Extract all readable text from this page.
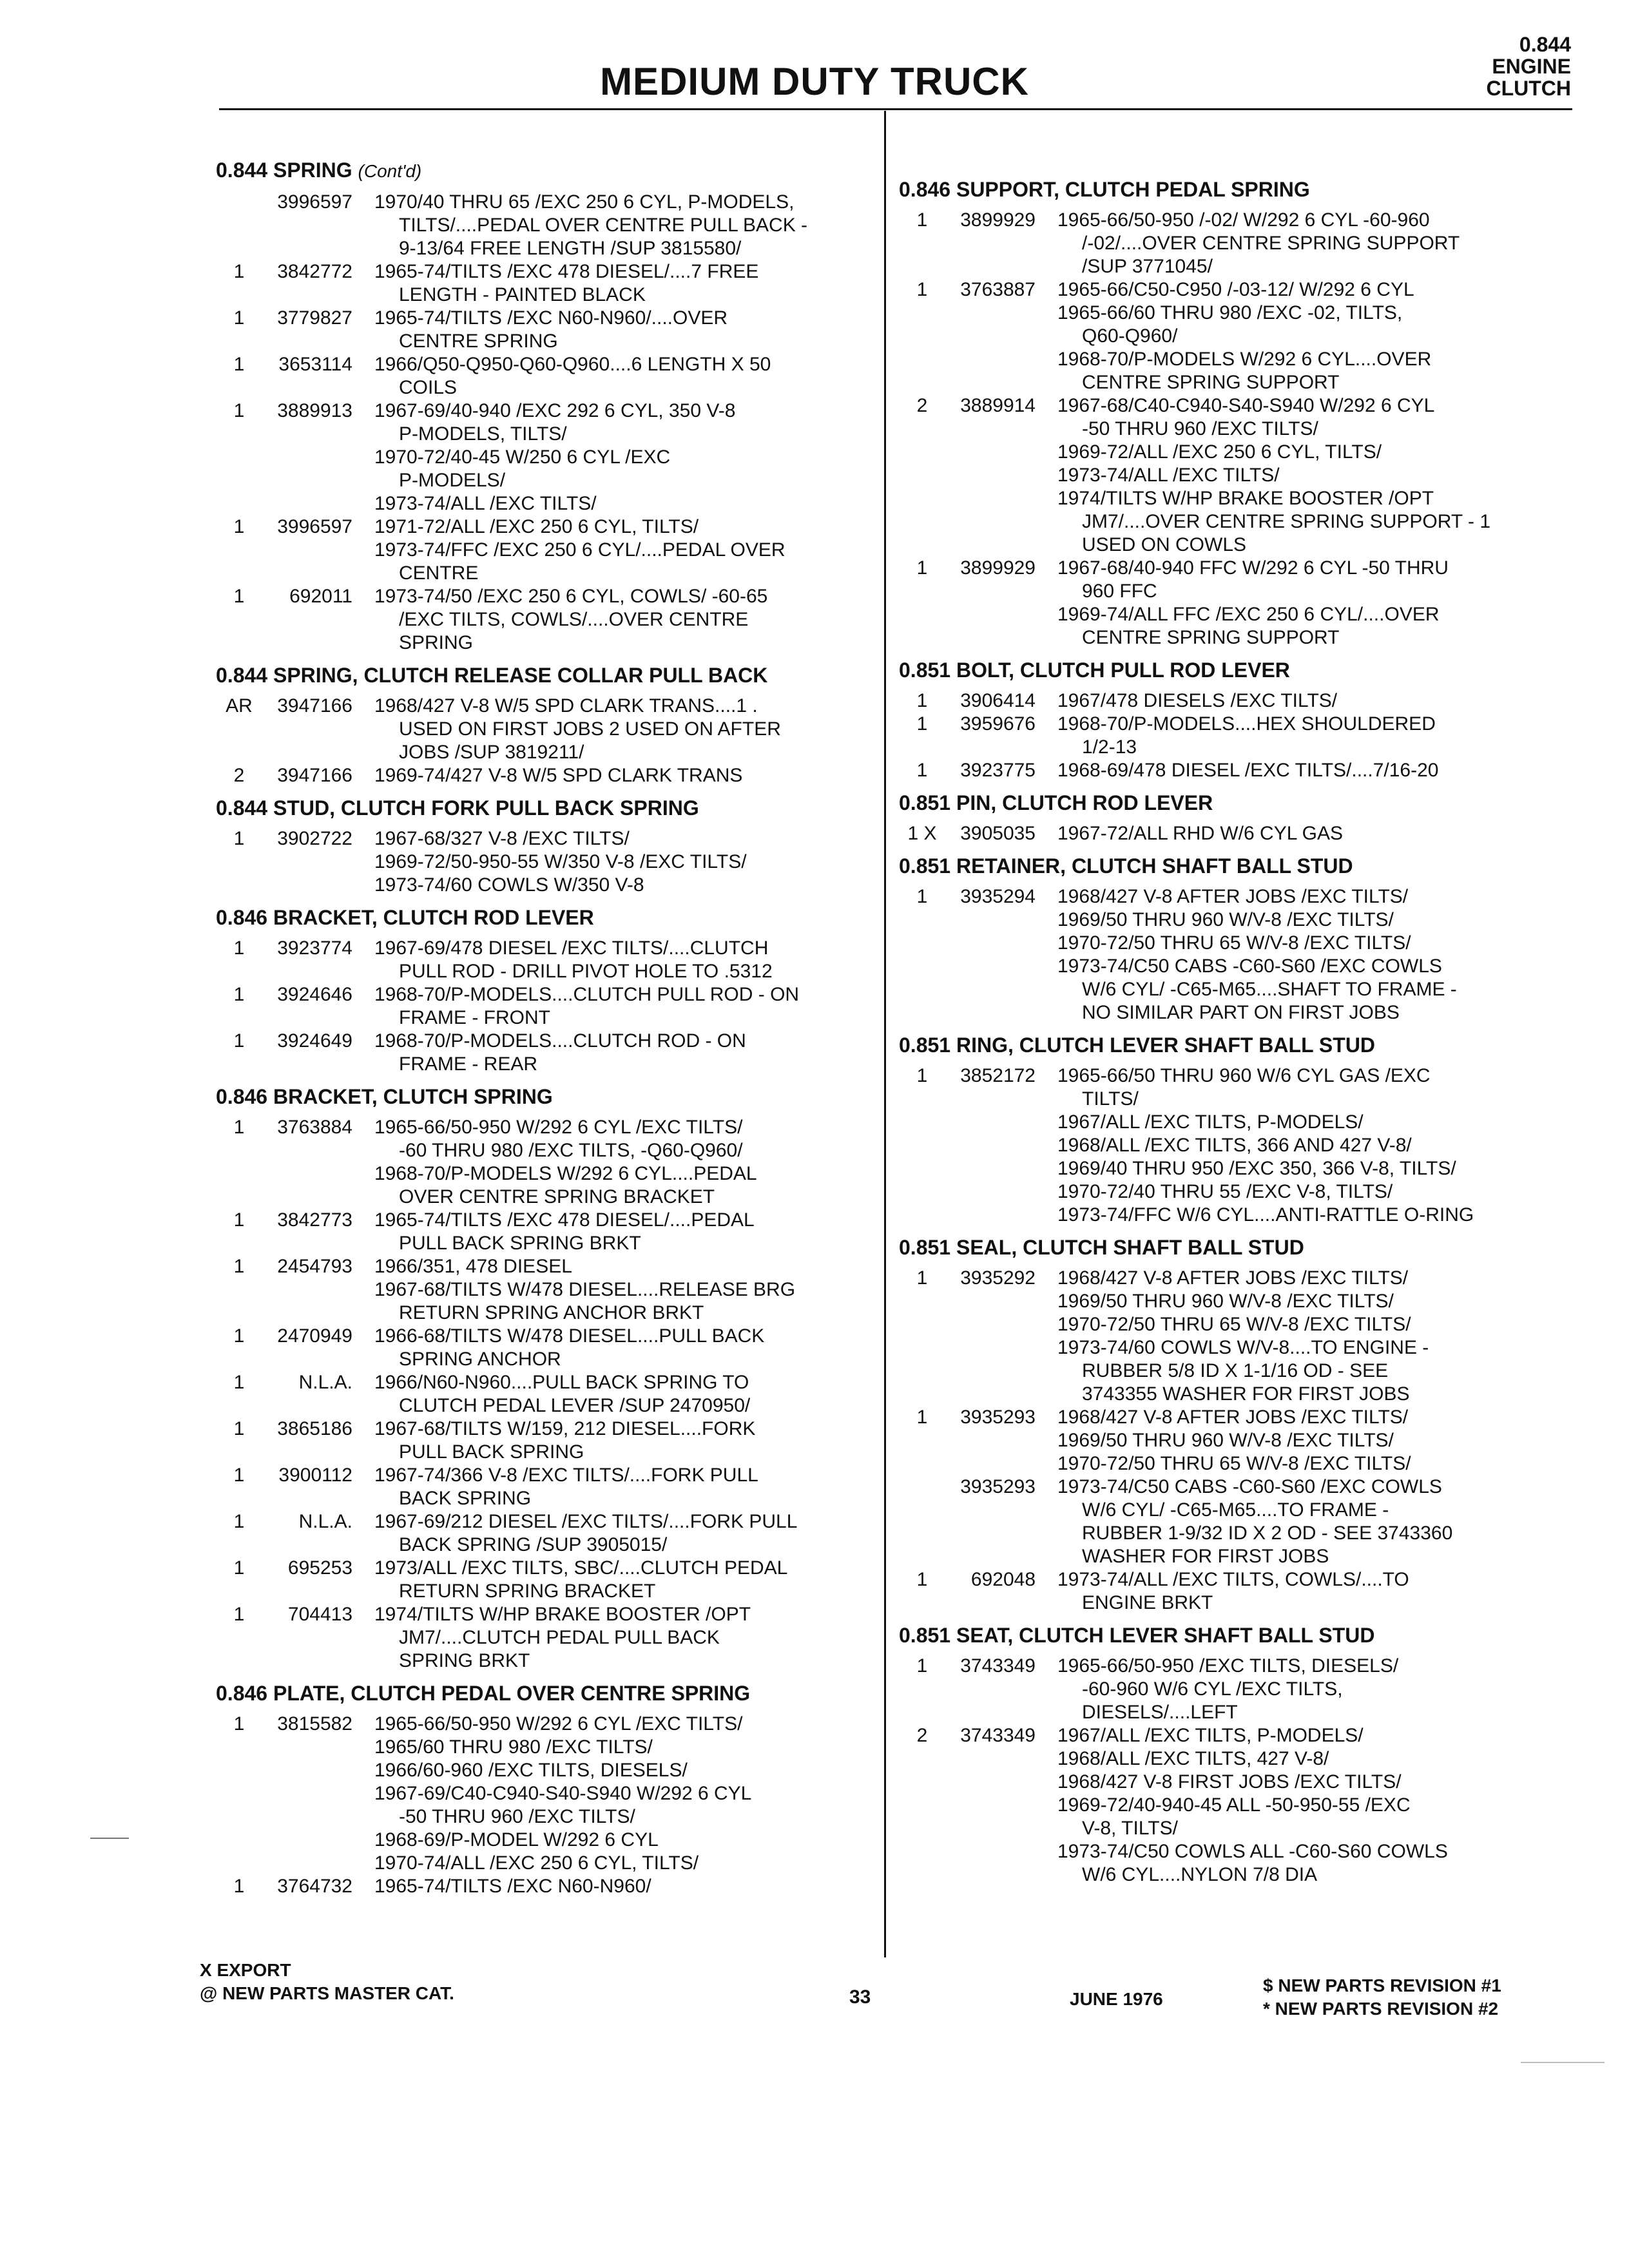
MEDIUM DUTY TRUCK
0.844
ENGINE
CLUTCH
0.844 SPRING (Cont'd)
3996597	1970/40 THRU 65 /EXC 250 6 CYL, P-MODELS,
TILTS/....PEDAL OVER CENTRE PULL BACK -
9-13/64 FREE LENGTH /SUP 3815580/
1	3842772	1965-74/TILTS /EXC 478 DIESEL/....7 FREE
LENGTH - PAINTED BLACK
1	3779827	1965-74/TILTS /EXC N60-N960/....OVER
CENTRE SPRING
1	3653114	1966/Q50-Q950-Q60-Q960....6 LENGTH X 50
COILS
1	3889913	1967-69/40-940 /EXC 292 6 CYL, 350 V-8
P-MODELS, TILTS/
1970-72/40-45 W/250 6 CYL /EXC
P-MODELS/
1973-74/ALL /EXC TILTS/
1	3996597	1971-72/ALL /EXC 250 6 CYL, TILTS/
1973-74/FFC /EXC 250 6 CYL/....PEDAL OVER
CENTRE
1	692011	1973-74/50 /EXC 250 6 CYL, COWLS/ -60-65
/EXC TILTS, COWLS/....OVER CENTRE
SPRING
0.844 SPRING, CLUTCH RELEASE COLLAR PULL BACK
AR	3947166	1968/427 V-8 W/5 SPD CLARK TRANS....1 .
USED ON FIRST JOBS 2 USED ON AFTER
JOBS /SUP 3819211/
2	3947166	1969-74/427 V-8 W/5 SPD CLARK TRANS
0.844 STUD, CLUTCH FORK PULL BACK SPRING
1	3902722	1967-68/327 V-8 /EXC TILTS/
1969-72/50-950-55 W/350 V-8 /EXC TILTS/
1973-74/60 COWLS W/350 V-8
0.846 BRACKET, CLUTCH ROD LEVER
1	3923774	1967-69/478 DIESEL /EXC TILTS/....CLUTCH
PULL ROD - DRILL PIVOT HOLE TO .5312
1	3924646	1968-70/P-MODELS....CLUTCH PULL ROD - ON
FRAME - FRONT
1	3924649	1968-70/P-MODELS....CLUTCH ROD - ON
FRAME - REAR
0.846 BRACKET, CLUTCH SPRING
1	3763884	1965-66/50-950 W/292 6 CYL /EXC TILTS/
-60 THRU 980 /EXC TILTS, -Q60-Q960/
1968-70/P-MODELS W/292 6 CYL....PEDAL
OVER CENTRE SPRING BRACKET
1	3842773	1965-74/TILTS /EXC 478 DIESEL/....PEDAL
PULL BACK SPRING BRKT
1	2454793	1966/351, 478 DIESEL
1967-68/TILTS W/478 DIESEL....RELEASE BRG
RETURN SPRING ANCHOR BRKT
1	2470949	1966-68/TILTS W/478 DIESEL....PULL BACK
SPRING ANCHOR
1	N.L.A.	1966/N60-N960....PULL BACK SPRING TO
CLUTCH PEDAL LEVER /SUP 2470950/
1	3865186	1967-68/TILTS W/159, 212 DIESEL....FORK
PULL BACK SPRING
1	3900112	1967-74/366 V-8 /EXC TILTS/....FORK PULL
BACK SPRING
1	N.L.A.	1967-69/212 DIESEL /EXC TILTS/....FORK PULL
BACK SPRING /SUP 3905015/
1	695253	1973/ALL /EXC TILTS, SBC/....CLUTCH PEDAL
RETURN SPRING BRACKET
1	704413	1974/TILTS W/HP BRAKE BOOSTER /OPT
JM7/....CLUTCH PEDAL PULL BACK
SPRING BRKT
0.846 PLATE, CLUTCH PEDAL OVER CENTRE SPRING
1	3815582	1965-66/50-950 W/292 6 CYL /EXC TILTS/
1965/60 THRU 980 /EXC TILTS/
1966/60-960 /EXC TILTS, DIESELS/
1967-69/C40-C940-S40-S940 W/292 6 CYL
-50 THRU 960 /EXC TILTS/
1968-69/P-MODEL W/292 6 CYL
1970-74/ALL /EXC 250 6 CYL, TILTS/
1	3764732	1965-74/TILTS /EXC N60-N960/
0.846 SUPPORT, CLUTCH PEDAL SPRING
1	3899929	1965-66/50-950 /-02/ W/292 6 CYL -60-960
/-02/....OVER CENTRE SPRING SUPPORT
/SUP 3771045/
1	3763887	1965-66/C50-C950 /-03-12/ W/292 6 CYL
1965-66/60 THRU 980 /EXC -02, TILTS,
Q60-Q960/
1968-70/P-MODELS W/292 6 CYL....OVER
CENTRE SPRING SUPPORT
2	3889914	1967-68/C40-C940-S40-S940 W/292 6 CYL
-50 THRU 960 /EXC TILTS/
1969-72/ALL /EXC 250 6 CYL, TILTS/
1973-74/ALL /EXC TILTS/
1974/TILTS W/HP BRAKE BOOSTER /OPT
JM7/....OVER CENTRE SPRING SUPPORT - 1
USED ON COWLS
1	3899929	1967-68/40-940 FFC W/292 6 CYL -50 THRU
960 FFC
1969-74/ALL FFC /EXC 250 6 CYL/....OVER
CENTRE SPRING SUPPORT
0.851 BOLT, CLUTCH PULL ROD LEVER
1	3906414	1967/478 DIESELS /EXC TILTS/
1	3959676	1968-70/P-MODELS....HEX SHOULDERED
1/2-13
1	3923775	1968-69/478 DIESEL /EXC TILTS/....7/16-20
0.851 PIN, CLUTCH ROD LEVER
1 X	3905035	1967-72/ALL RHD W/6 CYL GAS
0.851 RETAINER, CLUTCH SHAFT BALL STUD
1	3935294	1968/427 V-8 AFTER JOBS /EXC TILTS/
1969/50 THRU 960 W/V-8 /EXC TILTS/
1970-72/50 THRU 65 W/V-8 /EXC TILTS/
1973-74/C50 CABS -C60-S60 /EXC COWLS
W/6 CYL/ -C65-M65....SHAFT TO FRAME -
NO SIMILAR PART ON FIRST JOBS
0.851 RING, CLUTCH LEVER SHAFT BALL STUD
1	3852172	1965-66/50 THRU 960 W/6 CYL GAS /EXC
TILTS/
1967/ALL /EXC TILTS, P-MODELS/
1968/ALL /EXC TILTS, 366 AND 427 V-8/
1969/40 THRU 950 /EXC 350, 366 V-8, TILTS/
1970-72/40 THRU 55 /EXC V-8, TILTS/
1973-74/FFC W/6 CYL....ANTI-RATTLE O-RING
0.851 SEAL, CLUTCH SHAFT BALL STUD
1	3935292	1968/427 V-8 AFTER JOBS /EXC TILTS/
1969/50 THRU 960 W/V-8 /EXC TILTS/
1970-72/50 THRU 65 W/V-8 /EXC TILTS/
1973-74/60 COWLS W/V-8....TO ENGINE -
RUBBER 5/8 ID X 1-1/16 OD - SEE
3743355 WASHER FOR FIRST JOBS
1	3935293	1968/427 V-8 AFTER JOBS /EXC TILTS/
1969/50 THRU 960 W/V-8 /EXC TILTS/
1970-72/50 THRU 65 W/V-8 /EXC TILTS/
3935293	1973-74/C50 CABS -C60-S60 /EXC COWLS
W/6 CYL/ -C65-M65....TO FRAME -
RUBBER 1-9/32 ID X 2 OD - SEE 3743360
WASHER FOR FIRST JOBS
1	692048	1973-74/ALL /EXC TILTS, COWLS/....TO
ENGINE BRKT
0.851 SEAT, CLUTCH LEVER SHAFT BALL STUD
1	3743349	1965-66/50-950 /EXC TILTS, DIESELS/
-60-960 W/6 CYL /EXC TILTS,
DIESELS/....LEFT
2	3743349	1967/ALL /EXC TILTS, P-MODELS/
1968/ALL /EXC TILTS, 427 V-8/
1968/427 V-8 FIRST JOBS /EXC TILTS/
1969-72/40-940-45 ALL -50-950-55 /EXC
V-8, TILTS/
1973-74/C50 COWLS ALL -C60-S60 COWLS
W/6 CYL....NYLON 7/8 DIA
X EXPORT
@ NEW PARTS MASTER CAT.	33	JUNE 1976
$ NEW PARTS REVISION #1
* NEW PARTS REVISION #2
